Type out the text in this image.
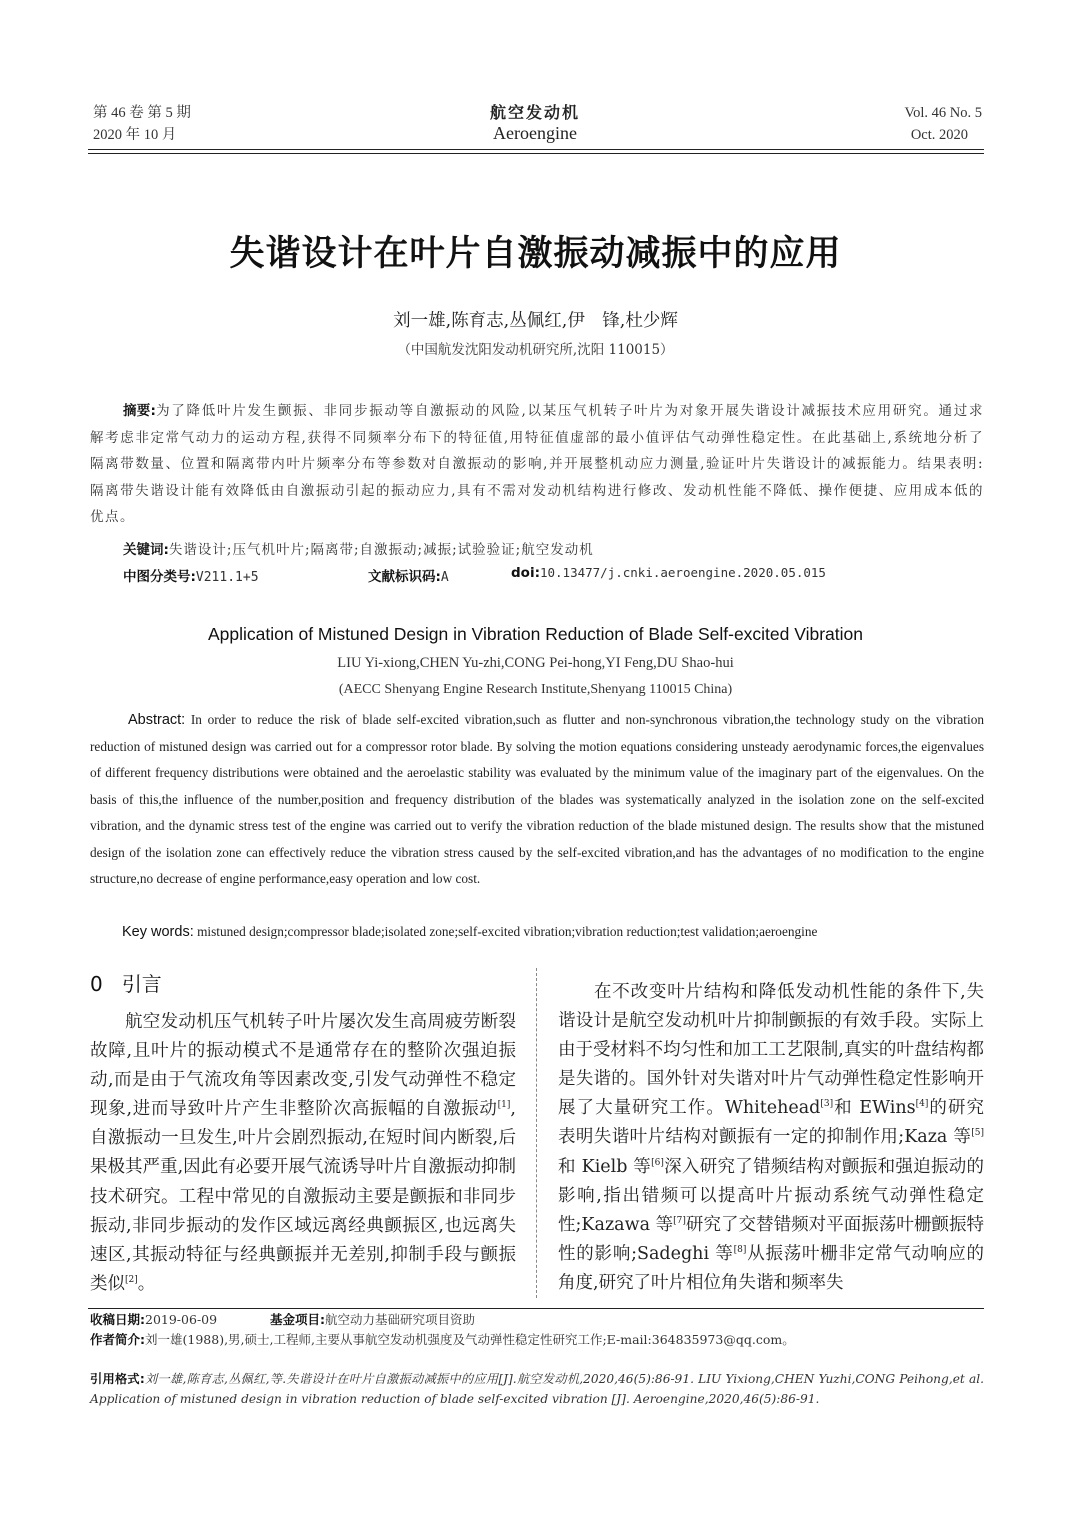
第 46 卷 第 5 期
2020 年 10 月
航空发动机
Aeroengine
Vol. 46 No. 5
Oct. 2020
失谐设计在叶片自激振动减振中的应用
刘一雄,陈育志,丛佩红,伊　锋,杜少辉
（中国航发沈阳发动机研究所,沈阳 110015）
摘要:为了降低叶片发生颤振、非同步振动等自激振动的风险,以某压气机转子叶片为对象开展失谐设计减振技术应用研究。通过求解考虑非定常气动力的运动方程,获得不同频率分布下的特征值,用特征值虚部的最小值评估气动弹性稳定性。在此基础上,系统地分析了隔离带数量、位置和隔离带内叶片频率分布等参数对自激振动的影响,并开展整机动应力测量,验证叶片失谐设计的减振能力。结果表明:隔离带失谐设计能有效降低由自激振动引起的振动应力,具有不需对发动机结构进行修改、发动机性能不降低、操作便捷、应用成本低的优点。
关键词:失谐设计;压气机叶片;隔离带;自激振动;减振;试验验证;航空发动机
中图分类号:V211.1+5	文献标识码:A	doi:10.13477/j.cnki.aeroengine.2020.05.015
Application of Mistuned Design in Vibration Reduction of Blade Self-excited Vibration
LIU Yi-xiong,CHEN Yu-zhi,CONG Pei-hong,YI Feng,DU Shao-hui
(AECC Shenyang Engine Research Institute,Shenyang 110015 China)
Abstract: In order to reduce the risk of blade self-excited vibration,such as flutter and non-synchronous vibration,the technology study on the vibration reduction of mistuned design was carried out for a compressor rotor blade. By solving the motion equations considering unsteady aerodynamic forces,the eigenvalues of different frequency distributions were obtained and the aeroelastic stability was evaluated by the minimum value of the imaginary part of the eigenvalues. On the basis of this,the influence of the number,position and frequency distribution of the blades was systematically analyzed in the isolation zone on the self-excited vibration, and the dynamic stress test of the engine was carried out to verify the vibration reduction of the blade mistuned design. The results show that the mistuned design of the isolation zone can effectively reduce the vibration stress caused by the self-excited vibration,and has the advantages of no modification to the engine structure,no decrease of engine performance,easy operation and low cost.
Key words: mistuned design;compressor blade;isolated zone;self-excited vibration;vibration reduction;test validation;aeroengine
0 引言
航空发动机压气机转子叶片屡次发生高周疲劳断裂故障,且叶片的振动模式不是通常存在的整阶次强迫振动,而是由于气流攻角等因素改变,引发气动弹性不稳定现象,进而导致叶片产生非整阶次高振幅的自激振动[1],自激振动一旦发生,叶片会剧烈振动,在短时间内断裂,后果极其严重,因此有必要开展气流诱导叶片自激振动抑制技术研究。工程中常见的自激振动主要是颤振和非同步振动,非同步振动的发作区域远离经典颤振区,也远离失速区,其振动特征与经典颤振并无差别,抑制手段与颤振类似[2]。
在不改变叶片结构和降低发动机性能的条件下,失谐设计是航空发动机叶片抑制颤振的有效手段。实际上由于受材料不均匀性和加工工艺限制,真实的叶盘结构都是失谐的。国外针对失谐对叶片气动弹性稳定性影响开展了大量研究工作。Whitehead[3]和 EWins[4]的研究表明失谐叶片结构对颤振有一定的抑制作用;Kaza 等[5]和 Kielb 等[6]深入研究了错频结构对颤振和强迫振动的影响,指出错频可以提高叶片振动系统气动弹性稳定性;Kazawa 等[7]研究了交替错频对平面振荡叶栅颤振特性的影响;Sadeghi 等[8]从振荡叶栅非定常气动响应的角度,研究了叶片相位角失谐和频率失
收稿日期:2019-06-09	基金项目:航空动力基础研究项目资助
作者简介:刘一雄(1988),男,硕士,工程师,主要从事航空发动机强度及气动弹性稳定性研究工作;E-mail:364835973@qq.com。
引用格式:刘一雄,陈育志,丛佩红,等.失谐设计在叶片自激振动减振中的应用[J].航空发动机,2020,46(5):86-91. LIU Yixiong,CHEN Yuzhi,CONG Peihong,et al. Application of mistuned design in vibration reduction of blade self-excited vibration [J]. Aeroengine,2020,46(5):86-91.
